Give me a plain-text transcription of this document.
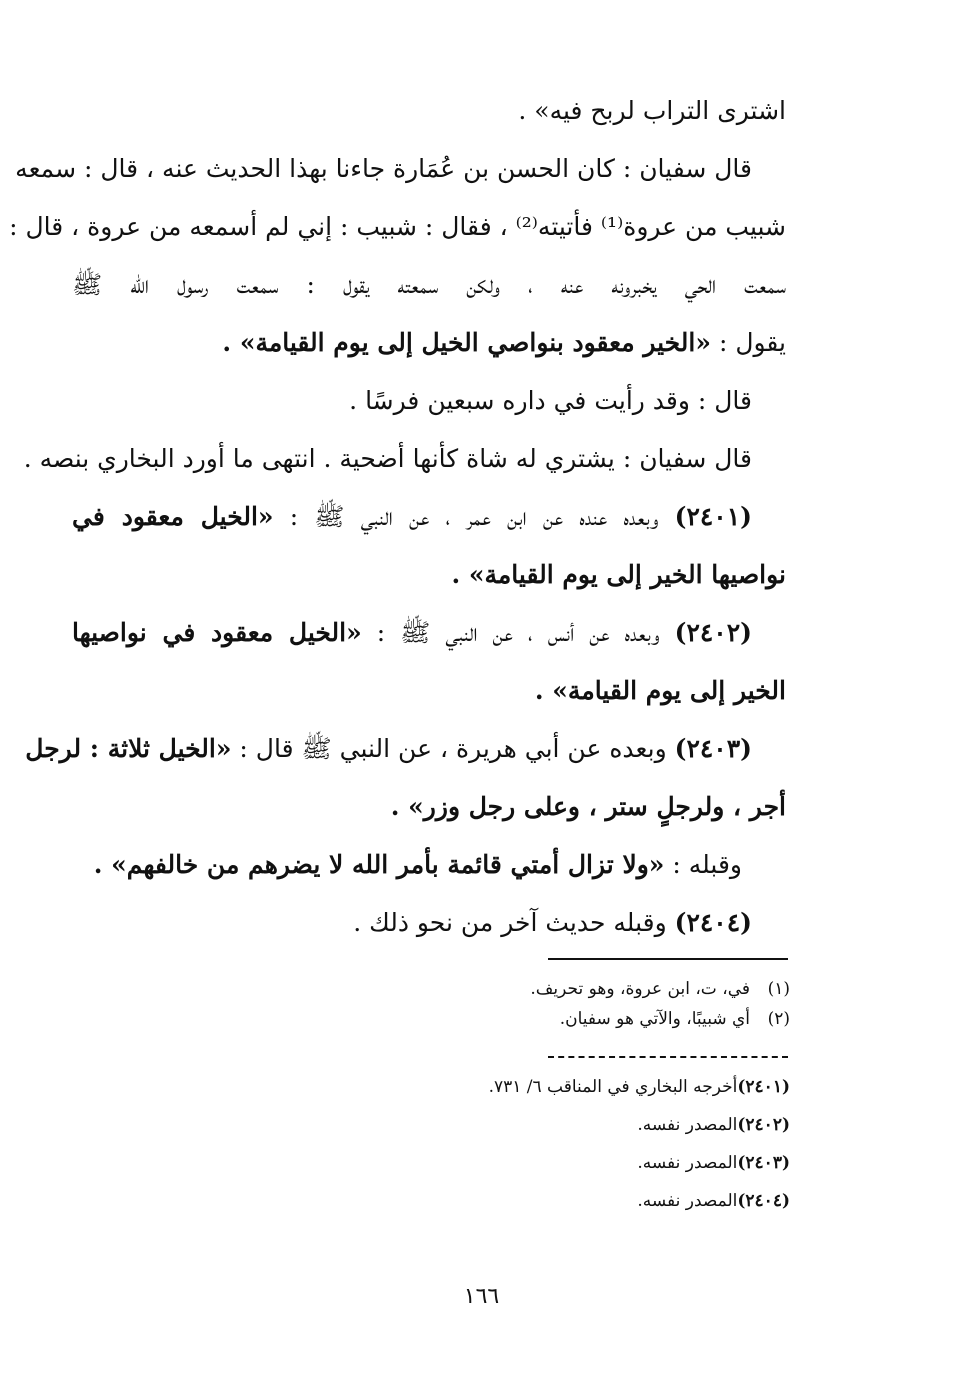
اشترى التراب لربح فيه» .
قال سفيان : كان الحسن بن عُمَارة جاءنا بهذا الحديث عنه ، قال : سمعه
شبيب من عروة⁽¹⁾ فأتيته⁽²⁾ ، فقال : شبيب : إني لم أسمعه من عروة ، قال :
سمعت الحي يخبرونه عنه ، ولكن سمعته يقول : سمعت رسول الله ﷺ
يقول : «الخير معقود بنواصي الخيل إلى يوم القيامة» .
قال : وقد رأيت في داره سبعين فرسًا .
قال سفيان : يشتري له شاة كأنها أضحية . انتهى ما أورد البخاري بنصه .
(٢٤٠١) وبعده عنده عن ابن عمر ، عن النبي ﷺ : «الخيل معقود في
نواصيها الخير إلى يوم القيامة» .
(٢٤٠٢) وبعده عن أنس ، عن النبي ﷺ : «الخيل معقود في نواصيها
الخير إلى يوم القيامة» .
(٢٤٠٣) وبعده عن أبي هريرة ، عن النبي ﷺ قال : «الخيل ثلاثة : لرجل
أجر ، ولرجلٍ ستر ، وعلى رجل وزر» .
وقبله : «ولا تزال أمتي قائمة بأمر الله لا يضرهم من خالفهم» .
(٢٤٠٤) وقبله حديث آخر من نحو ذلك .
(١)في، ت، ابن عروة، وهو تحريف.
(٢)أي شبيبًا، والآتي هو سفيان.
(٢٤٠١)أخرجه البخاري في المناقب ٦/ ٧٣١.
(٢٤٠٢)المصدر نفسه.
(٢٤٠٣)المصدر نفسه.
(٢٤٠٤)المصدر نفسه.
١٦٦
